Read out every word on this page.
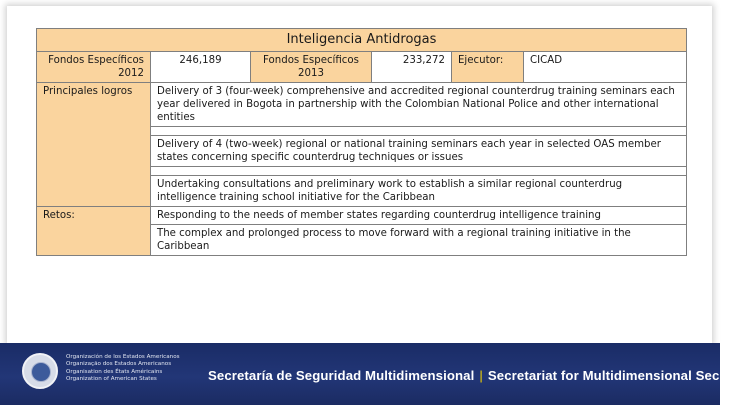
Inteligencia Antidrogas					
Fondos Específicos 2012	246,189	Fondos Específicos 2013	233,272	Ejecutor:	CICAD
Principales logros	Delivery of 3 (four-week) comprehensive and accredited regional counterdrug training seminars each year delivered in Bogota in partnership with the Colombian National Police and other international entities				

	Delivery of 4 (two-week) regional or national training seminars each year in selected OAS member states concerning specific counterdrug techniques or issues				

	Undertaking consultations and preliminary work to establish a similar regional counterdrug intelligence training school initiative for the Caribbean				
Retos:	Responding to the needs of member states regarding counterdrug intelligence training				
	The complex and prolonged process to move forward with a regional training initiative in the Caribbean				
Organización de los Estados Americanos
Organização dos Estados Americanos
Organisation des États Américains
Organization of American States	Secretaría de Seguridad Multidimensional | Secretariat for Multidimensional Security
